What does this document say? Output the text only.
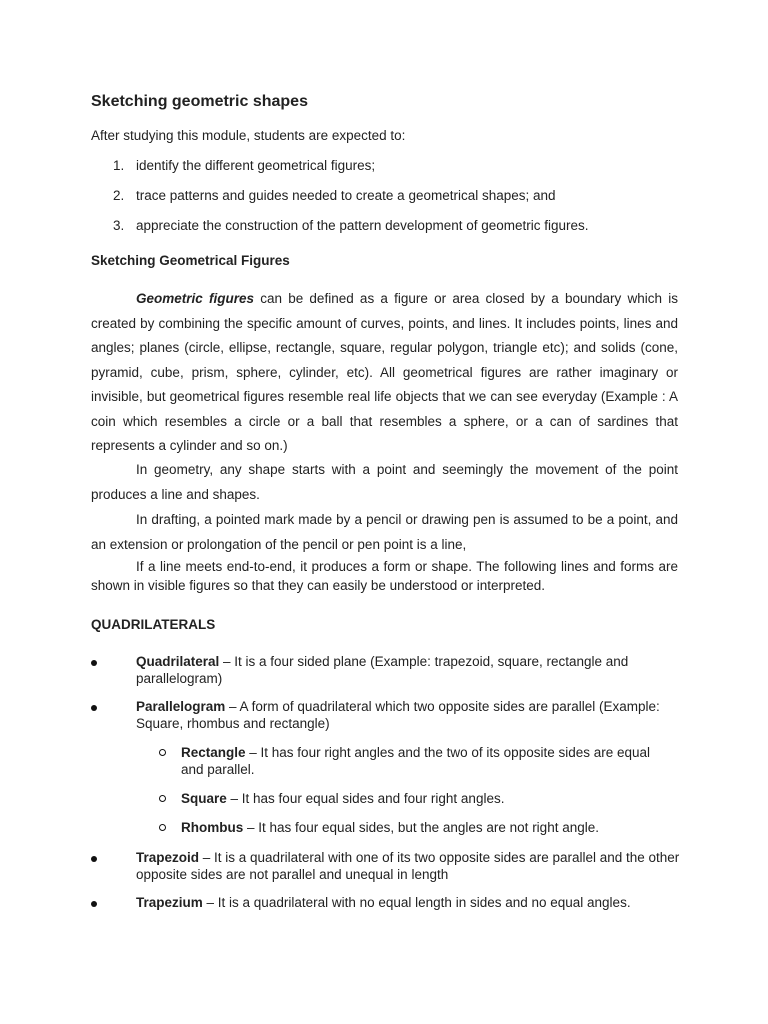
Sketching geometric shapes
After studying this module, students are expected to:
1. identify the different geometrical figures;
2. trace patterns and guides needed to create a geometrical shapes; and
3. appreciate the construction of the pattern development of geometric figures.
Sketching Geometrical Figures
Geometric figures can be defined as a figure or area closed by a boundary which is created by combining the specific amount of curves, points, and lines. It includes points, lines and angles; planes (circle, ellipse, rectangle, square, regular polygon, triangle etc); and solids (cone, pyramid, cube, prism, sphere, cylinder, etc). All geometrical figures are rather imaginary or invisible, but geometrical figures resemble real life objects that we can see everyday (Example : A coin which resembles a circle or a ball that resembles a sphere, or a can of sardines that represents a cylinder and so on.)
In geometry, any shape starts with a point and seemingly the movement of the point produces a line and shapes.
In drafting, a pointed mark made by a pencil or drawing pen is assumed to be a point, and an extension or prolongation of the pencil or pen point is a line,
If a line meets end-to-end, it produces a form or shape. The following lines and forms are shown in visible figures so that they can easily be understood or interpreted.
QUADRILATERALS
Quadrilateral – It is a four sided plane (Example: trapezoid, square, rectangle and parallelogram)
Parallelogram – A form of quadrilateral which two opposite sides are parallel (Example: Square, rhombus and rectangle)
Rectangle – It has four right angles and the two of its opposite sides are equal and parallel.
Square – It has four equal sides and four right angles.
Rhombus – It has four equal sides, but the angles are not right angle.
Trapezoid – It is a quadrilateral with one of its two opposite sides are parallel and the other opposite sides are not parallel and unequal in length
Trapezium – It is a quadrilateral with no equal length in sides and no equal angles.
